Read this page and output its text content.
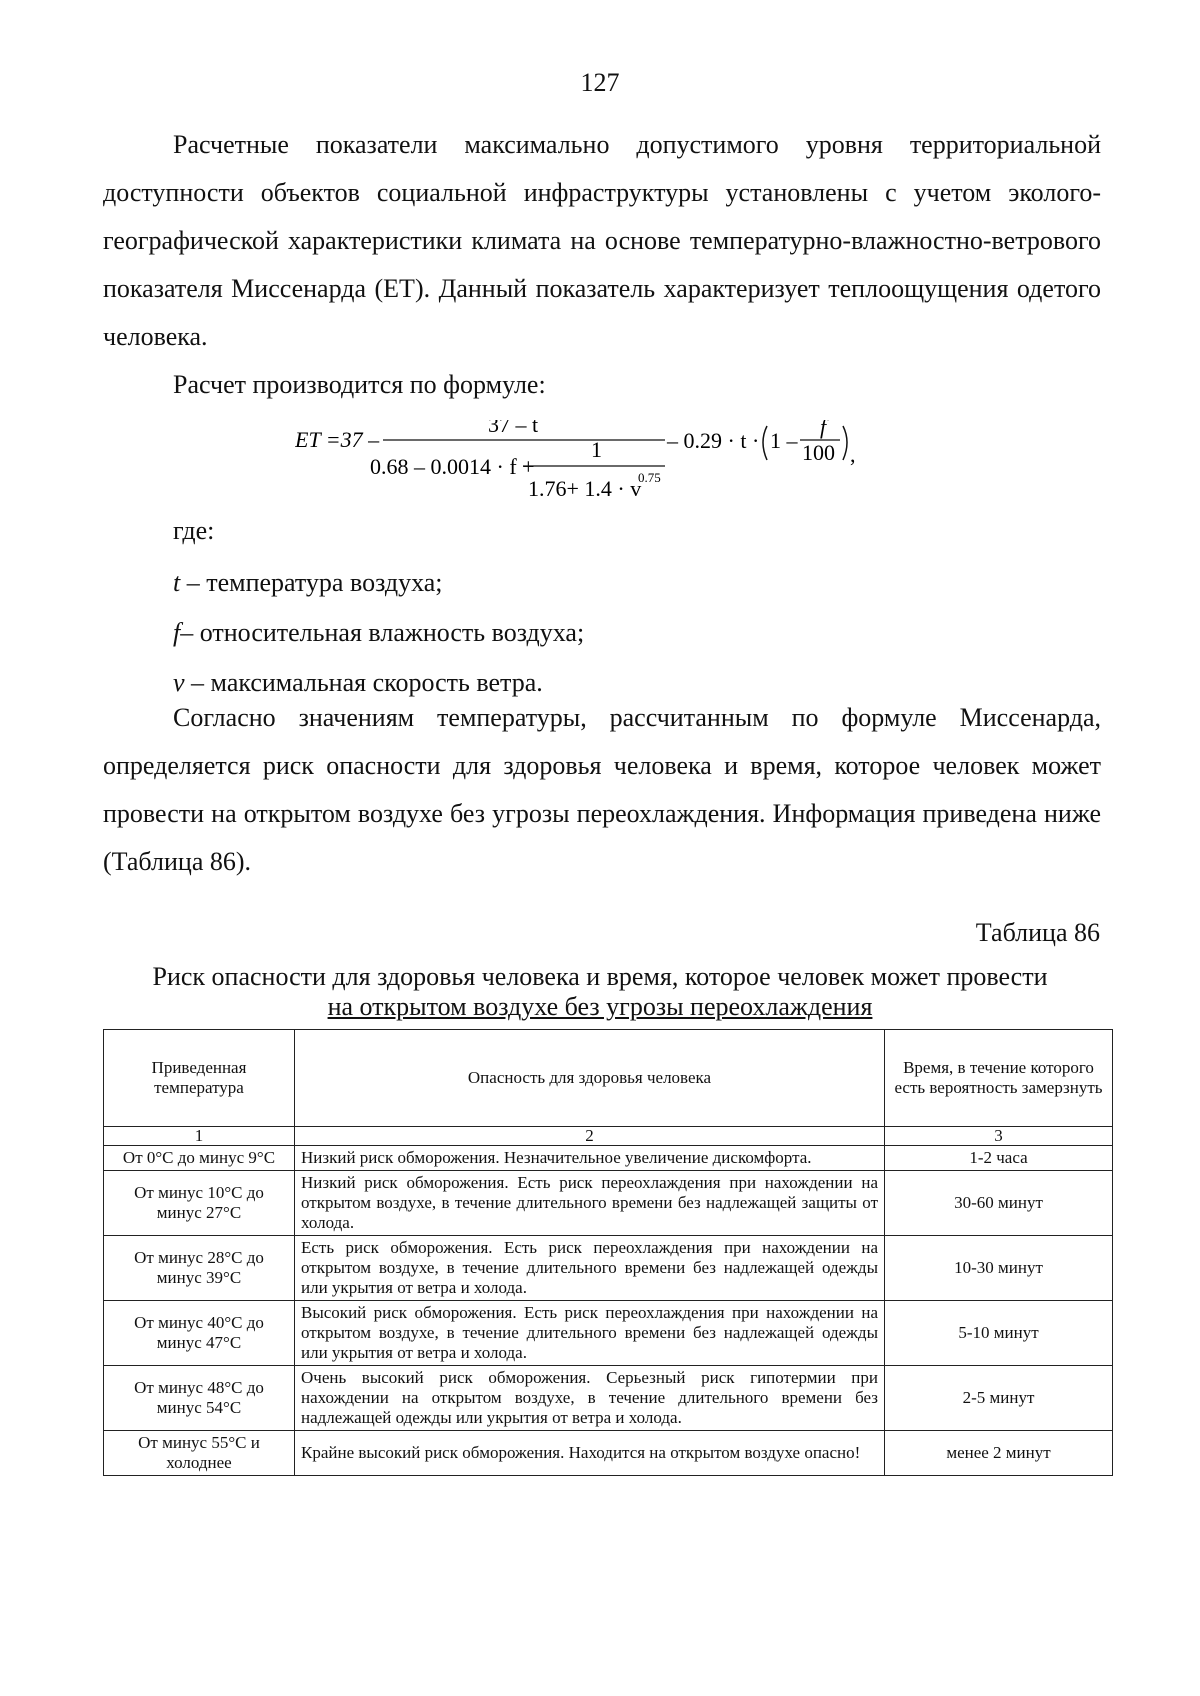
127

Расчетные показатели максимально допустимого уровня территориальной доступности объектов социальной инфраструктуры установлены с учетом эколого-географической характеристики климата на основе температурно-влажностно-ветрового показателя Миссенарда (ЕТ). Данный показатель характеризует теплоощущения одетого человека.

Расчет производится по формуле:

ET =37 –
37 – t
0.68 – 0.0014 · f +
1
1.76+ 1.4 · v
0.75
– 0.29 · t · 1 –
f
100 ,
где:
t – температура воздуха;
f– относительная влажность воздуха;
v – максимальная скорость ветра.

Согласно значениям температуры, рассчитанным по формуле Миссенарда, определяется риск опасности для здоровья человека и время, которое человек может провести на открытом воздухе без угрозы переохлаждения. Информация приведена ниже (Таблица 86).

Таблица 86
Риск опасности для здоровья человека и время, которое человек может провести
на открытом воздухе без угрозы переохлаждения
Приведенная температура	Опасность для здоровья человека	Время, в течение которого есть вероятность замерзнуть
1	2	3
От 0°С до минус 9°С	Низкий риск обморожения. Незначительное увеличение дискомфорта.	1-2 часа
От минус 10°С до минус 27°С	Низкий риск обморожения. Есть риск переохлаждения при нахождении на открытом воздухе, в течение длительного времени без надлежащей защиты от холода.	30-60 минут
От минус 28°С до минус 39°С	Есть риск обморожения. Есть риск переохлаждения при нахождении на открытом воздухе, в течение длительного времени без надлежащей одежды или укрытия от ветра и холода.	10-30 минут
От минус 40°С до минус 47°С	Высокий риск обморожения. Есть риск переохлаждения при нахождении на открытом воздухе, в течение длительного времени без надлежащей одежды или укрытия от ветра и холода.	5-10 минут
От минус 48°С до минус 54°С	Очень высокий риск обморожения. Серьезный риск гипотермии при нахождении на открытом воздухе, в течение длительного времени без надлежащей одежды или укрытия от ветра и холода.	2-5 минут
От минус 55°С и холоднее	Крайне высокий риск обморожения. Находится на открытом воздухе опасно!	менее 2 минут
